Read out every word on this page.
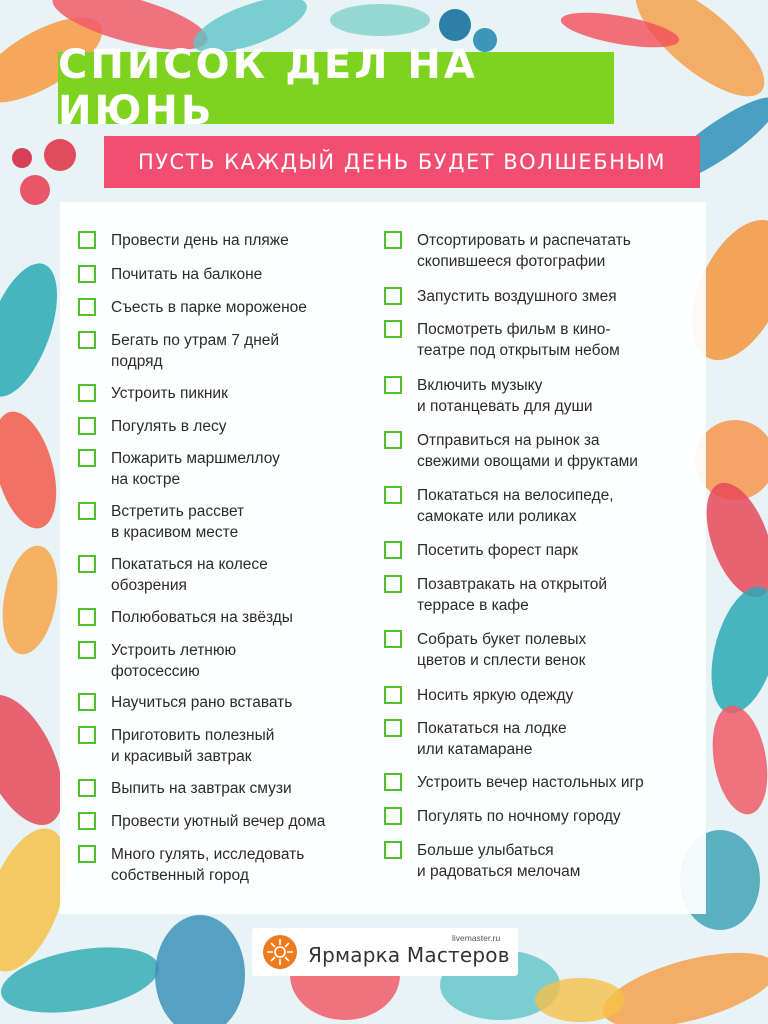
СПИСОК ДЕЛ НА ИЮНЬ
ПУСТЬ КАЖДЫЙ ДЕНЬ БУДЕТ ВОЛШЕБНЫМ
Провести день на пляже
Почитать на балконе
Съесть в парке мороженое
Бегать по утрам 7 дней
подряд
Устроить пикник
Погулять в лесу
Пожарить маршмеллоу
на костре
Встретить рассвет
в красивом месте
Покататься на колесе
обозрения
Полюбоваться на звёзды
Устроить летнюю
фотосессию
Научиться рано вставать
Приготовить полезный
и красивый завтрак
Выпить на завтрак смузи
Провести уютный вечер дома
Много гулять, исследовать
собственный город
Отсортировать и распечатать
скопившееся фотографии
Запустить воздушного змея
Посмотреть фильм в кино-
театре под открытым небом
Включить музыку
и потанцевать для души
Отправиться на рынок за
свежими овощами и фруктами
Покататься на велосипеде,
самокате или роликах
Посетить форест парк
Позавтракать на открытой
террасе в кафе
Собрать букет полевых
цветов и сплести венок
Носить яркую одежду
Покататься на лодке
или катамаране
Устроить вечер настольных игр
Погулять по ночному городу
Больше улыбаться
и радоваться мелочам
livemaster.ru
Ярмарка Мастеров
